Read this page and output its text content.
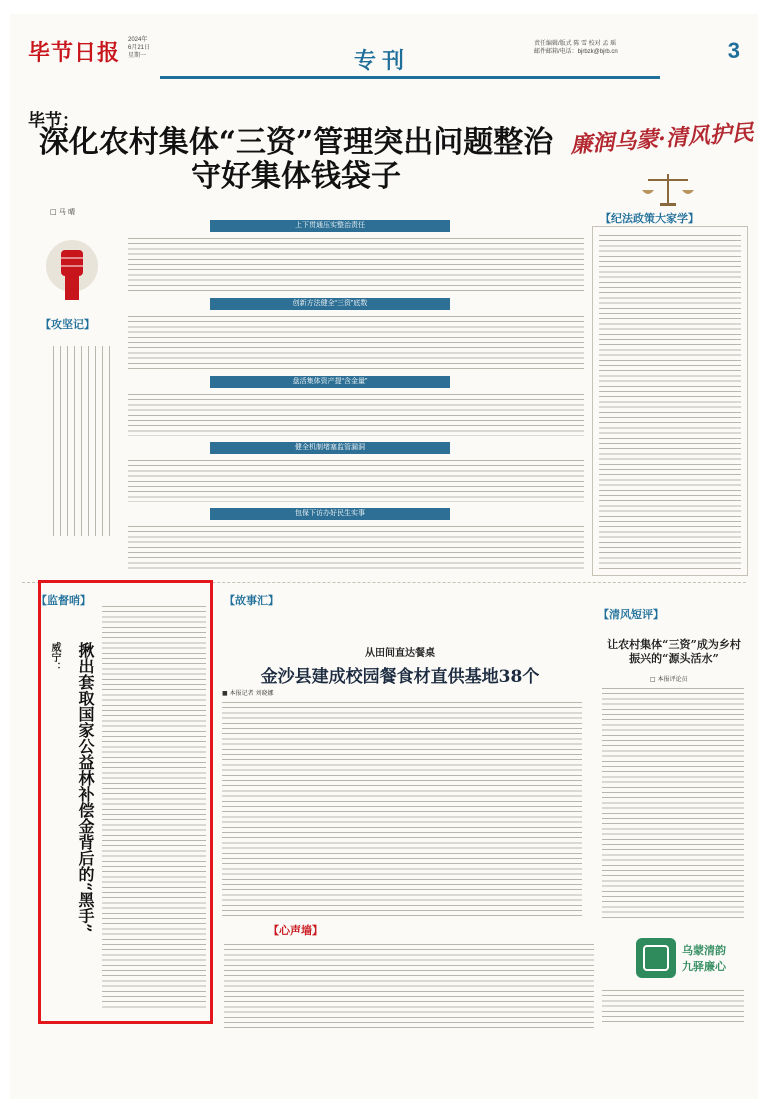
毕节日报 2024年
6月21日
星期一	专刊
责任编辑/版式 陈 雪 校对 孟 瑶
邮件邮箱/电话：bjrbzk@bjrb.cn	3
毕节：
深化农村集体“三资”管理突出问题整治
守好集体钱袋子
廉润乌蒙·清风护民
□ 马 晴
【攻坚记】
上下贯通压实整治责任
创新方法健全“三资”底数
盘活集体资产提“含金量”
健全机制堵塞监管漏洞
包保下访办好民生实事
【纪法政策大家学】
【监督哨】
威宁：	揪出套取国家公益林补偿金背后的“黑手”
【故事汇】
从田间直达餐桌
金沙县建成校园餐食材直供基地38个
■ 本报记者 刘晓娜
【清风短评】
让农村集体“三资”成为乡村振兴的“源头活水”
□ 本报评论员
乌蒙清韵
九驿廉心
【心声墙】
